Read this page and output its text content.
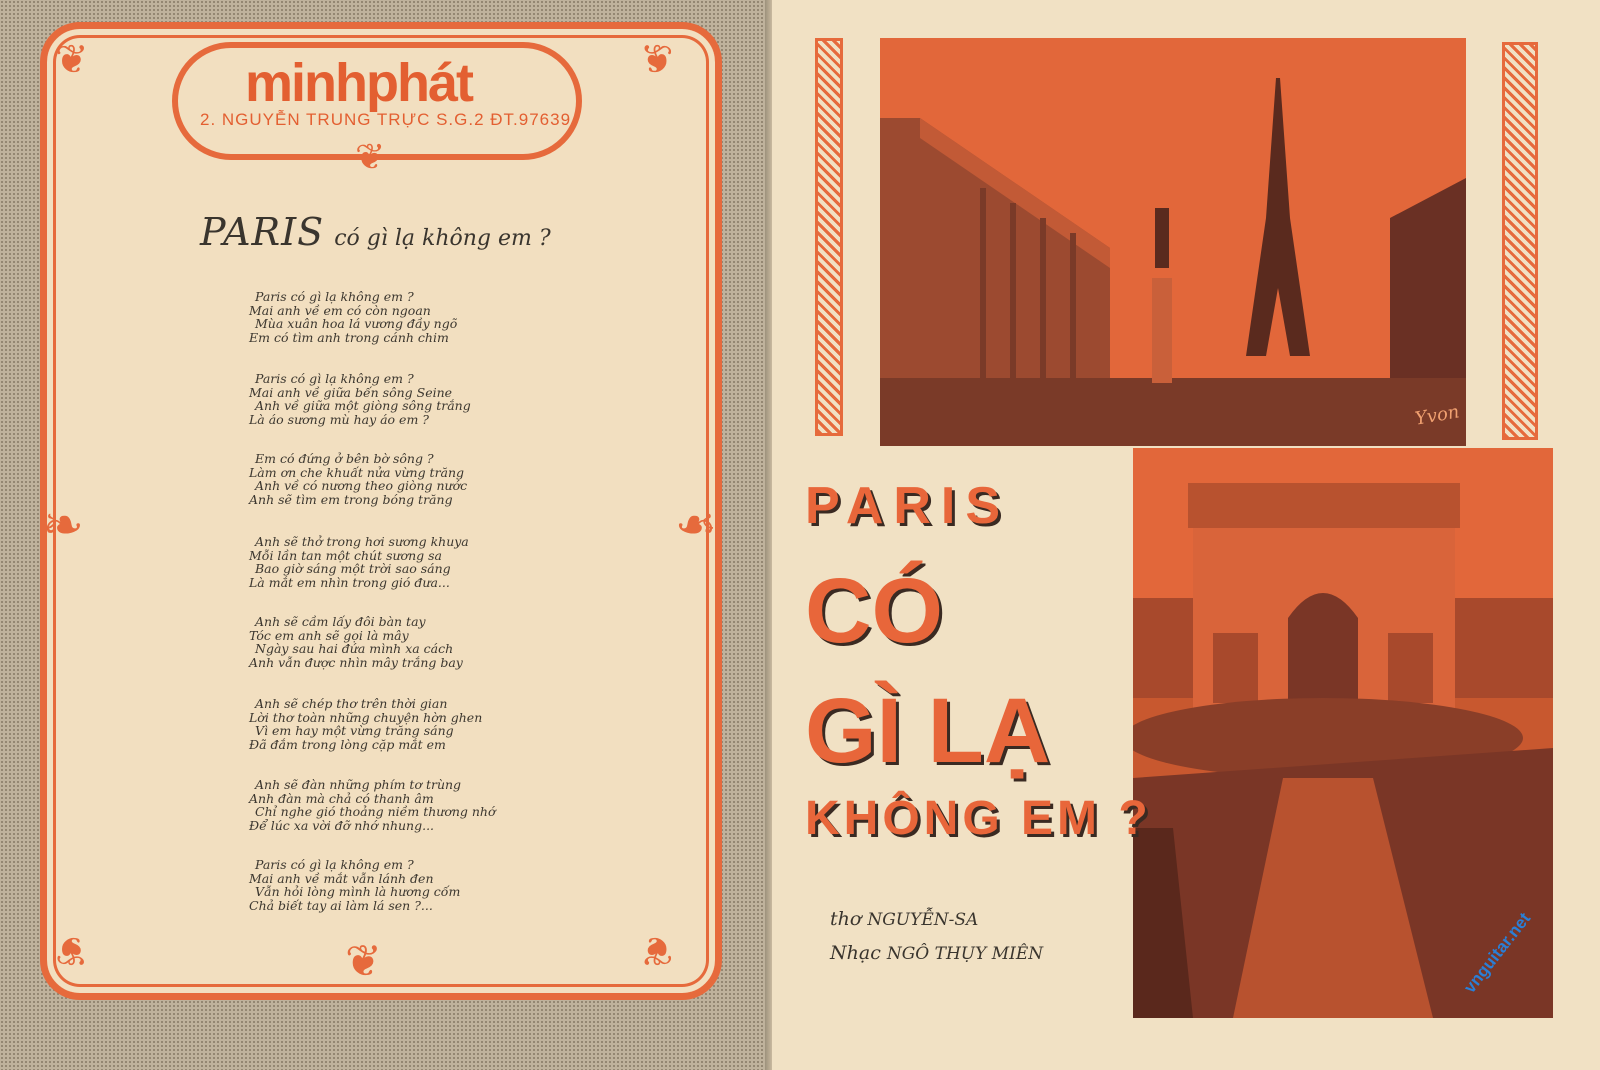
❦	❦
❦	❦
❧	❧
❦
❦
minhphát
2. NGUYỄN TRUNG TRỰC S.G.2 ĐT.97639
PARIS có gì lạ không em ?
Paris có gì lạ không em ?
Mai anh về em có còn ngoan
Mùa xuân hoa lá vương đầy ngõ
Em có tìm anh trong cánh chim
Paris có gì lạ không em ?
Mai anh về giữa bến sông Seine
Anh về giữa một giòng sông trắng
Là áo sương mù hay áo em ?
Em có đứng ở bên bờ sông ?
Làm ơn che khuất nửa vừng trăng
Anh về có nương theo giòng nước
Anh sẽ tìm em trong bóng trăng
Anh sẽ thở trong hơi sương khuya
Mỗi lần tan một chút sương sa
Bao giờ sáng một trời sao sáng
Là mắt em nhìn trong gió đưa...
Anh sẽ cầm lấy đôi bàn tay
Tóc em anh sẽ gọi là mây
Ngày sau hai đứa mình xa cách
Anh vẫn được nhìn mây trắng bay
Anh sẽ chép thơ trên thời gian
Lời thơ toàn những chuyện hờn ghen
Vì em hay một vừng trăng sáng
Đã đắm trong lòng cặp mắt em
Anh sẽ đàn những phím tơ trùng
Anh đàn mà chả có thanh âm
Chỉ nghe gió thoảng niềm thương nhớ
Để lúc xa vời đỡ nhớ nhung...
Paris có gì lạ không em ?
Mai anh về mắt vẫn lánh đen
Vẫn hỏi lòng mình là hương cốm
Chả biết tay ai làm lá sen ?...
Yvon
PARIS
CÓ
GÌ LẠ
KHÔNG EM ?
thơ NGUYỄN-SA
Nhạc NGÔ THỤY MIÊN	vnguitar.net
